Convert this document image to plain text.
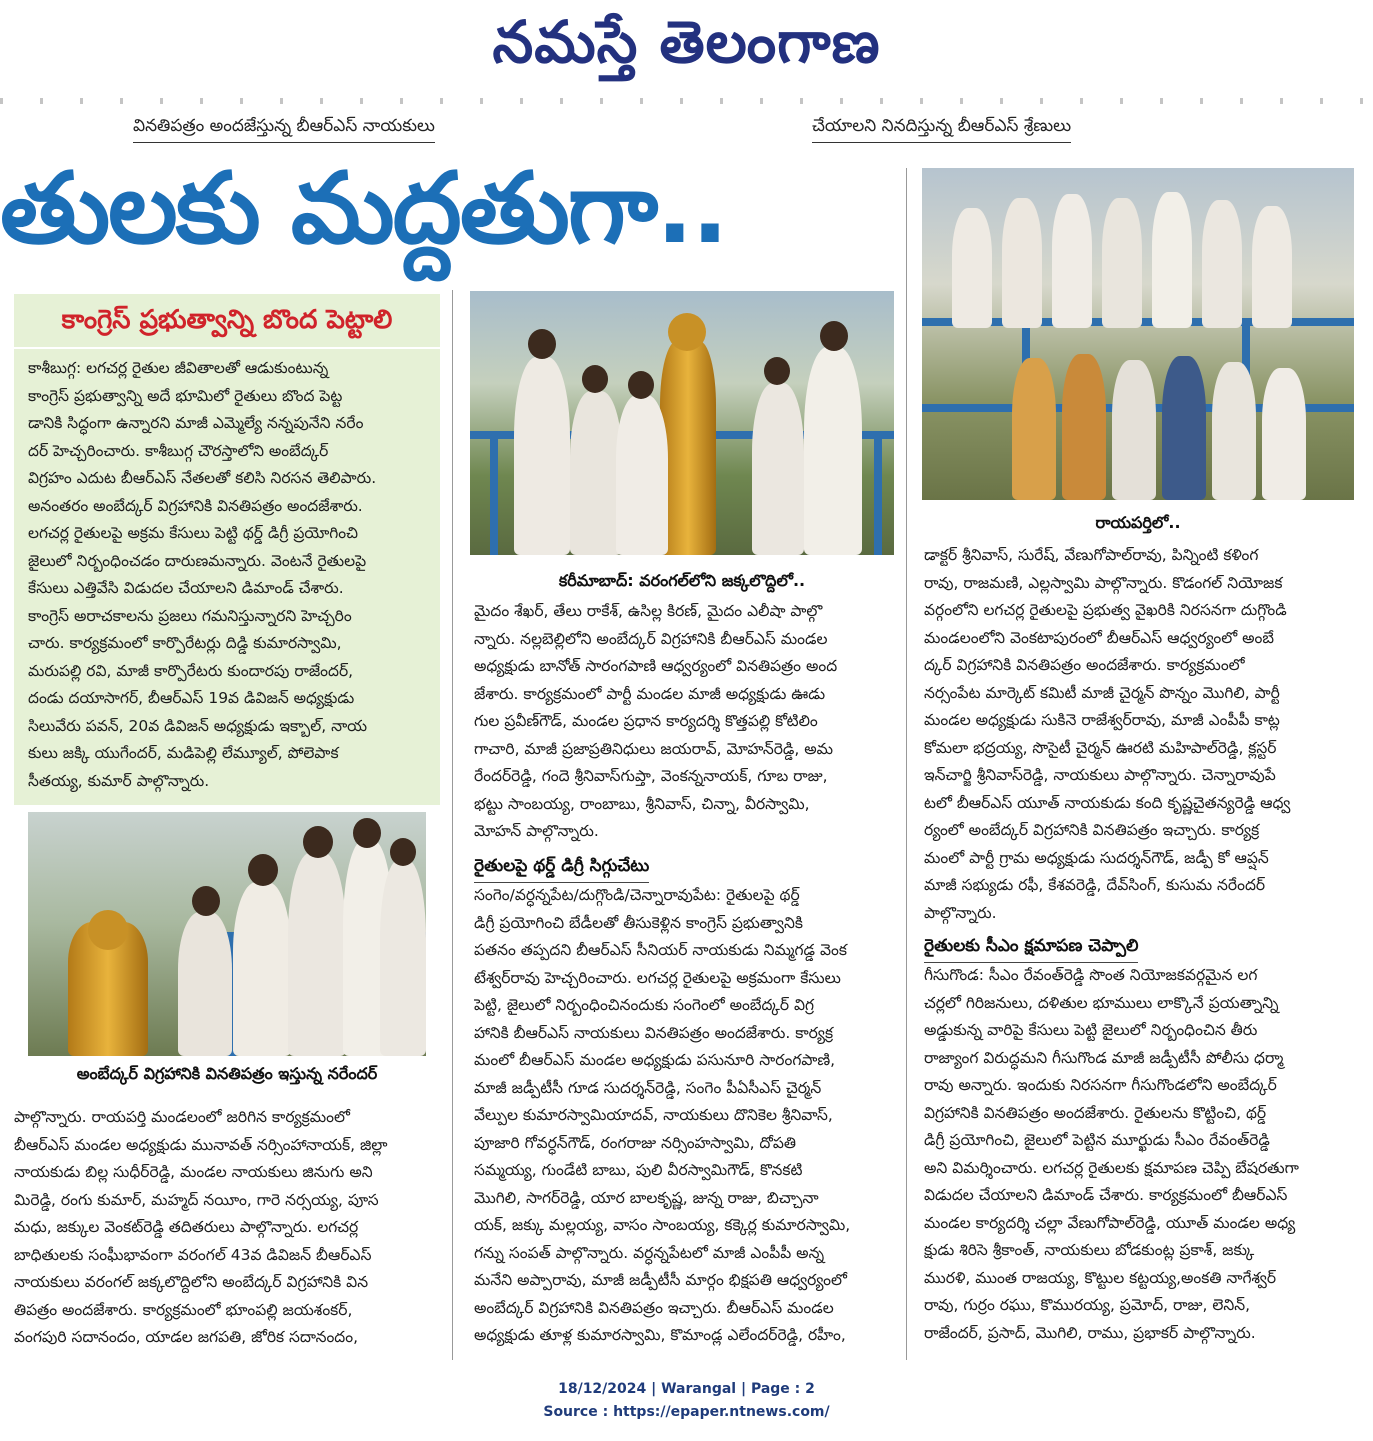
నమస్తే తెలంగాణ
వినతిపత్రం అందజేస్తున్న బీఆర్‌ఎస్ నాయకులు	చేయాలని నినదిస్తున్న బీఆర్‌ఎస్ శ్రేణులు
తులకు మద్దతుగా..
కాంగ్రెస్ ప్రభుత్వాన్ని బొంద పెట్టాలి
కాశీబుగ్గ: లగచర్ల రైతుల జీవితాలతో ఆడుకుంటున్న
కాంగ్రెస్ ప్రభుత్వాన్ని అదే భూమిలో రైతులు బొంద పెట్ట
డానికి సిద్ధంగా ఉన్నారని మాజీ ఎమ్మెల్యే నన్నపునేని నరేం
దర్ హెచ్చరించారు. కాశీబుగ్గ చౌరస్తాలోని అంబేద్కర్
విగ్రహం ఎదుట బీఆర్‌ఎస్ నేతలతో కలిసి నిరసన తెలిపారు.
అనంతరం అంబేద్కర్ విగ్రహానికి వినతిపత్రం అందజేశారు.
లగచర్ల రైతులపై అక్రమ కేసులు పెట్టి థర్డ్ డిగ్రీ ప్రయోగించి
జైలులో నిర్బంధించడం దారుణమన్నారు. వెంటనే రైతులపై
కేసులు ఎత్తివేసి విడుదల చేయాలని డిమాండ్ చేశారు.
కాంగ్రెస్ అరాచకాలను ప్రజలు గమనిస్తున్నారని హెచ్చరిం
చారు. కార్యక్రమంలో కార్పొరేటర్లు దిడ్డి కుమారస్వామి,
మరుపల్లి రవి, మాజీ కార్పొరేటరు కుందారపు రాజేందర్,
దండు దయాసాగర్, బీఆర్‌ఎస్ 19వ డివిజన్ అధ్యక్షుడు
సిలువేరు పవన్, 20వ డివిజన్ అధ్యక్షుడు ఇక్బాల్, నాయ
కులు జక్కి యుగేందర్, మడిపెల్లి లేమ్యూల్, పోలెపాక
సీతయ్య, కుమార్ పాల్గొన్నారు.
అంబేద్కర్ విగ్రహానికి వినతిపత్రం ఇస్తున్న నరేందర్
పాల్గొన్నారు. రాయపర్తి మండలంలో జరిగిన కార్యక్రమంలో
బీఆర్‌ఎస్ మండల అధ్యక్షుడు మునావత్ నర్సింహానాయక్, జిల్లా
నాయకుడు బిల్ల సుధీర్‌రెడ్డి, మండల నాయకులు జినుగు అని
మిరెడ్డి, రంగు కుమార్, మహ్మద్ నయీం, గారె నర్సయ్య, పూస
మధు, జక్కుల వెంకట్‌రెడ్డి తదితరులు పాల్గొన్నారు. లగచర్ల
బాధితులకు సంఘీభావంగా వరంగల్ 43వ డివిజన్ బీఆర్‌ఎస్
నాయకులు వరంగల్ జక్కలొద్దిలోని అంబేద్కర్ విగ్రహానికి విన
తిపత్రం అందజేశారు. కార్యక్రమంలో భూంపల్లి జయశంకర్,
వంగపురి సదానందం, యాడల జగపతి, జోరిక సదానందం,
కరీమాబాద్: వరంగల్‌లోని జక్కలొద్దిలో..
మైదం శేఖర్, తేలు రాకేశ్, ఉసిల్ల కిరణ్, మైదం ఎలీషా పాల్గొ
న్నారు. నల్లబెల్లిలోని అంబేద్కర్ విగ్రహానికి బీఆర్‌ఎస్ మండల
అధ్యక్షుడు బానోత్ సారంగపాణి ఆధ్వర్యంలో వినతిపత్రం అంద
జేశారు. కార్యక్రమంలో పార్టీ మండల మాజీ అధ్యక్షుడు ఊడు
గుల ప్రవీణ్‌గౌడ్, మండల ప్రధాన కార్యదర్శి కొత్తపల్లి కోటిలిం
గాచారి, మాజీ ప్రజాప్రతినిధులు జయరావ్, మోహన్‌రెడ్డి, అమ
రేందర్‌రెడ్డి, గందె శ్రీనివాస్‌గుప్తా, వెంకన్ననాయక్, గూబ రాజు,
భట్టు సాంబయ్య, రాంబాబు, శ్రీనివాస్, చిన్నా, వీరస్వామి,
మోహన్ పాల్గొన్నారు.
రైతులపై థర్డ్ డిగ్రీ సిగ్గుచేటు
సంగెం/వర్ధన్నపేట/దుగ్గొండి/చెన్నారావుపేట: రైతులపై థర్డ్
డిగ్రీ ప్రయోగించి బేడీలతో తీసుకెళ్లిన కాంగ్రెస్ ప్రభుత్వానికి
పతనం తప్పదని బీఆర్‌ఎస్ సీనియర్ నాయకుడు నిమ్మగడ్డ వెంక
టేశ్వర్‌రావు హెచ్చరించారు. లగచర్ల రైతులపై అక్రమంగా కేసులు
పెట్టి, జైలులో నిర్బంధించినందుకు సంగెంలో అంబేద్కర్ విగ్ర
హానికి బీఆర్‌ఎస్ నాయకులు వినతిపత్రం అందజేశారు. కార్యక్ర
మంలో బీఆర్‌ఎస్ మండల అధ్యక్షుడు పసునూరి సారంగపాణి,
మాజీ జడ్పీటీసీ గూడ సుదర్శన్‌రెడ్డి, సంగెం పీఏసీఎస్ చైర్మన్
వేల్పుల కుమారస్వామియాదవ్, నాయకులు దొనికెల శ్రీనివాస్,
పూజారి గోవర్ధన్‌గౌడ్, రంగరాజు నర్సింహస్వామి, దోపతి
సమ్మయ్య, గుండేటి బాబు, పులి వీరస్వామిగౌడ్, కొనకటి
మొగిలి, సాగర్‌రెడ్డి, యార బాలకృష్ణ, జున్న రాజు, బిచ్చానా
యక్, జక్కు మల్లయ్య, వాసం సాంబయ్య, కక్కెర్ల కుమారస్వామి,
గన్ను సంపత్ పాల్గొన్నారు. వర్ధన్నపేటలో మాజీ ఎంపీపీ అన్న
మనేని అప్పారావు, మాజీ జడ్పీటీసీ మార్గం భిక్షపతి ఆధ్వర్యంలో
అంబేద్కర్ విగ్రహానికి వినతిపత్రం ఇచ్చారు. బీఆర్‌ఎస్ మండల
అధ్యక్షుడు తూళ్ల కుమారస్వామి, కొమాండ్ల ఎలేందర్‌రెడ్డి, రహీం,
రాయపర్తిలో..
డాక్టర్ శ్రీనివాస్, సురేష్, వేణుగోపాల్‌రావు, పిన్నింటి కళింగ
రావు, రాజమణి, ఎల్లస్వామి పాల్గొన్నారు. కొడంగల్ నియోజక
వర్గంలోని లగచర్ల రైతులపై ప్రభుత్వ వైఖరికి నిరసనగా దుగ్గొండి
మండలంలోని వెంకటాపురంలో బీఆర్‌ఎస్ ఆధ్వర్యంలో అంబే
ద్కర్ విగ్రహానికి వినతిపత్రం అందజేశారు. కార్యక్రమంలో
నర్సంపేట మార్కెట్ కమిటీ మాజీ చైర్మన్ పొన్నం మొగిలి, పార్టీ
మండల అధ్యక్షుడు సుకినె రాజేశ్వర్‌రావు, మాజీ ఎంపీపీ కాట్ల
కోమలా భద్రయ్య, సొసైటీ చైర్మన్ ఊరటి మహిపాల్‌రెడ్డి, క్లస్టర్
ఇన్‌చార్జి శ్రీనివాస్‌రెడ్డి, నాయకులు పాల్గొన్నారు. చెన్నారావుపే
టలో బీఆర్‌ఎస్ యూత్ నాయకుడు కంది కృష్ణచైతన్యరెడ్డి ఆధ్వ
ర్యంలో అంబేద్కర్ విగ్రహానికి వినతిపత్రం ఇచ్చారు. కార్యక్ర
మంలో పార్టీ గ్రామ అధ్యక్షుడు సుదర్శన్‌గౌడ్, జడ్పీ కో ఆప్షన్
మాజీ సభ్యుడు రఫీ, కేశవరెడ్డి, దేవ్‌సింగ్, కుసుమ నరేందర్
పాల్గొన్నారు.
రైతులకు సీఎం క్షమాపణ చెప్పాలి
గీసుగొండ: సీఎం రేవంత్‌రెడ్డి సొంత నియోజకవర్గమైన లగ
చర్లలో గిరిజనులు, దళితుల భూములు లాక్కొనే ప్రయత్నాన్ని
అడ్డుకున్న వారిపై కేసులు పెట్టి జైలులో నిర్బంధించిన తీరు
రాజ్యాంగ విరుద్ధమని గీసుగొండ మాజీ జడ్పీటీసీ పోలీసు ధర్మా
రావు అన్నారు. ఇందుకు నిరసనగా గీసుగొండలోని అంబేద్కర్
విగ్రహానికి వినతిపత్రం అందజేశారు. రైతులను కొట్టించి, థర్డ్
డిగ్రీ ప్రయోగించి, జైలులో పెట్టిన మూర్ఖుడు సీఎం రేవంత్‌రెడ్డి
అని విమర్శించారు. లగచర్ల రైతులకు క్షమాపణ చెప్పి బేషరతుగా
విడుదల చేయాలని డిమాండ్ చేశారు. కార్యక్రమంలో బీఆర్‌ఎస్
మండల కార్యదర్శి చల్లా వేణుగోపాల్‌రెడ్డి, యూత్ మండల అధ్య
క్షుడు శిరిసె శ్రీకాంత్, నాయకులు బోడకుంట్ల ప్రకాశ్, జక్కు
మురళి, ముంత రాజయ్య, కొట్టుల కట్టయ్య,అంకతి నాగేశ్వర్
రావు, గుర్రం రఘు, కొమురయ్య, ప్రమోద్, రాజు, లెనిన్,
రాజేందర్, ప్రసాద్, మొగిలి, రాము, ప్రభాకర్ పాల్గొన్నారు.
18/12/2024 | Warangal | Page : 2
Source : https://epaper.ntnews.com/
